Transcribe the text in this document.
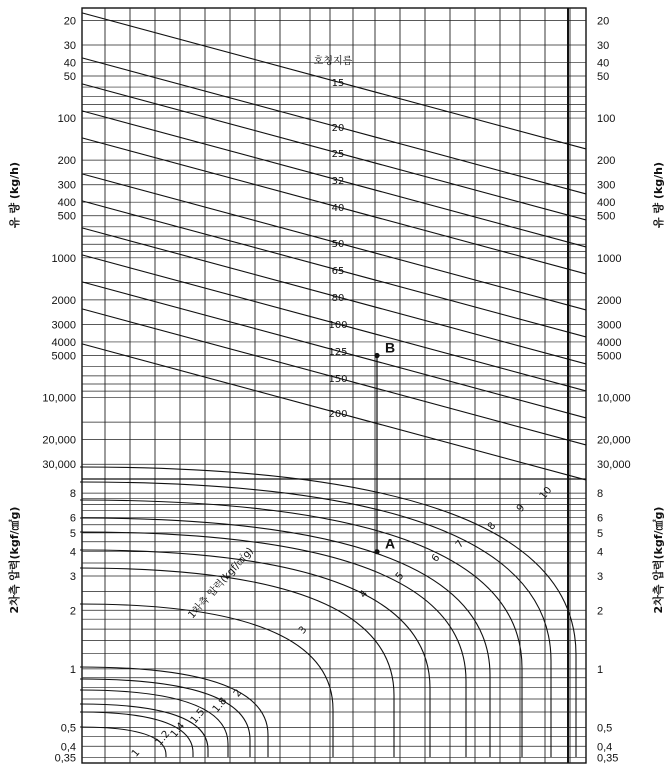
20	20
30	30
40	40
50	50
100	100
200	200
300	300
400	400
500	500
1000	1000
2000	2000
3000	3000
4000	4000
5000	5000
10,000	10,000
20,000	20,000
30,000	30,000
8	8
6	6
5	5
4	4
3	3
2	2
1	1
0,5	0,5
0,4	0,4
0,35	0,35
15
20
25
32
40
50
65
80
100
125
150
200
1
1.2
1.4
1.5
1.8
2
3
4
5
6
7
8
9
10
유 량 (kg/h)	유 량 (kg/h)
2차측 압력(kgf/㎠g)	2차측 압력(kgf/㎠g)
호칭지름
1차측 압력(kgf/㎠g)
A
B
